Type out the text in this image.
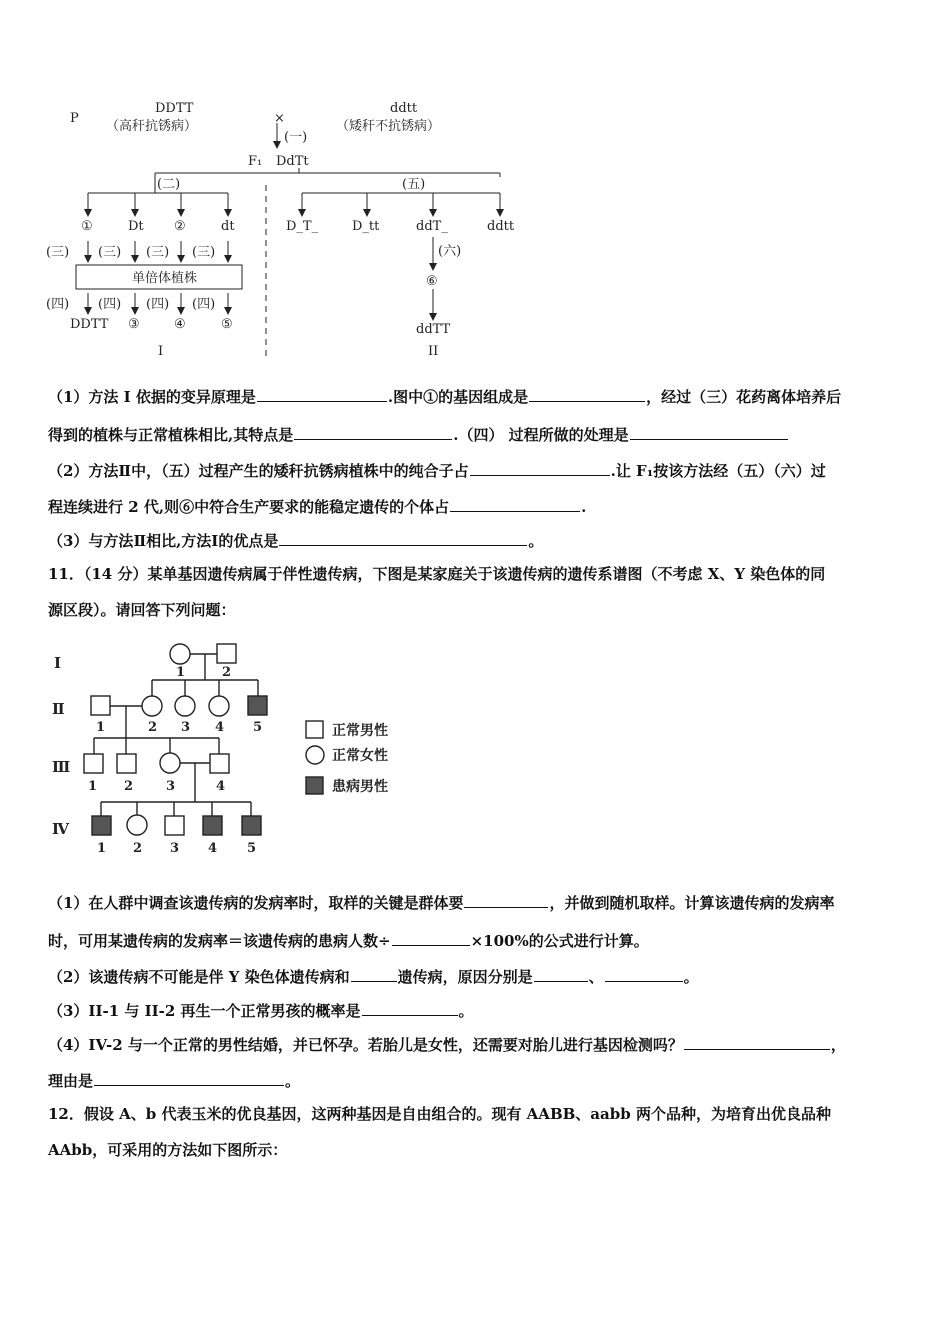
P
DDTT
（高秆抗锈病）
×
ddtt
（矮秆不抗锈病）
(一)
F₁ DdTt
(二)	(五)
①	Dt ②	dt
(三) (三) (三) (三)
单倍体植株
(四) (四) (四) (四)
DDTT ③	④	⑤
I
D_T_	D_tt	ddT_	ddtt
(六)
⑥
ddTT
II
（1）方法 I 依据的变异原理是	.图中①的基因组成是	，经过（三）花药离体培养后
得到的植株与正常植株相比,其特点是	.（四） 过程所做的处理是
（2）方法Ⅱ中，（五）过程产生的矮秆抗锈病植株中的纯合子占	.让 F₁按该方法经（五）（六）过
程连续进行 2 代,则⑥中符合生产要求的能稳定遗传的个体占	.
（3）与方法Ⅱ相比,方法Ⅰ的优点是	。
11．（14 分）某单基因遗传病属于伴性遗传病，下图是某家庭关于该遗传病的遗传系谱图（不考虑 X、Y 染色体的同
源区段）。请回答下列问题：
Ⅰ
Ⅱ
Ⅲ
Ⅳ
1	2
1	2 3 4 5
1 2	3	4
1 2 3 4 5
正常男性
正常女性
患病男性
（1）在人群中调查该遗传病的发病率时，取样的关键是群体要	，并做到随机取样。计算该遗传病的发病率
时，可用某遗传病的发病率＝该遗传病的患病人数÷	×100%的公式进行计算。
（2）该遗传病不可能是伴 Y 染色体遗传病和	遗传病，原因分别是	、	。
（3）II-1 与 II-2 再生一个正常男孩的概率是	。
（4）IV-2 与一个正常的男性结婚，并已怀孕。若胎儿是女性，还需要对胎儿进行基因检测吗？	，
理由是	。
12．假设 A、b 代表玉米的优良基因，这两种基因是自由组合的。现有 AABB、aabb 两个品种，为培育出优良品种
AAbb，可采用的方法如下图所示：
